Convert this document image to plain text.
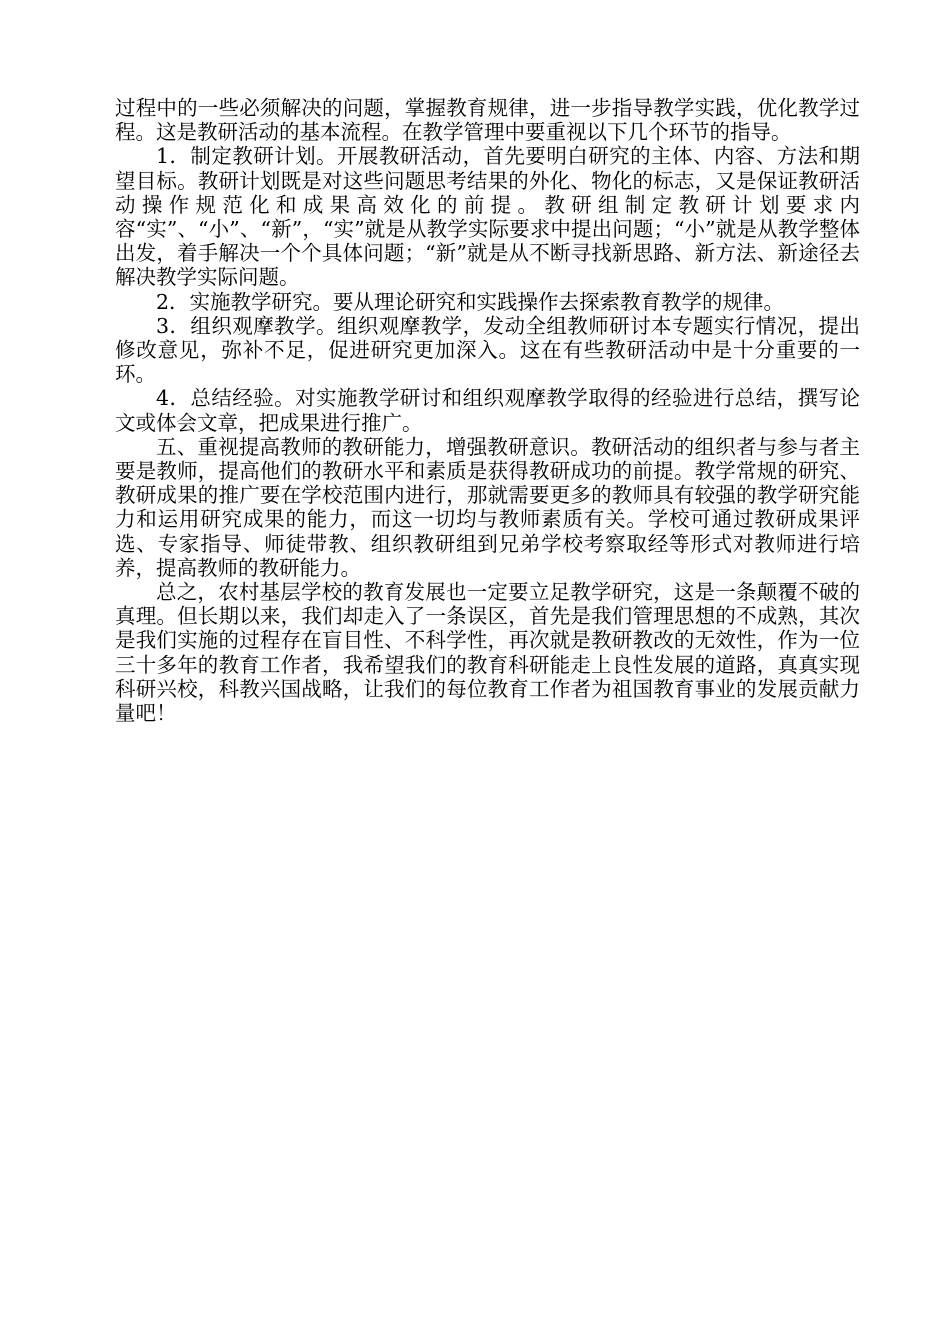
过程中的一些必须解决的问题，掌握教育规律，进一步指导教学实践，优化教学过程。这是教研活动的基本流程。在教学管理中要重视以下几个环节的指导。

1．制定教研计划。开展教研活动，首先要明白研究的主体、内容、方法和期望目标。教研计划既是对这些问题思考结果的外化、物化的标志，又是保证教研活动操作规范化和成果高效化的前提。教研组制定教研计划要求内容“实”、“小”、“新”，“实”就是从教学实际要求中提出问题；“小”就是从教学整体出发，着手解决一个个具体问题；“新”就是从不断寻找新思路、新方法、新途径去解决教学实际问题。

2．实施教学研究。要从理论研究和实践操作去探索教育教学的规律。

3．组织观摩教学。组织观摩教学，发动全组教师研讨本专题实行情况，提出修改意见，弥补不足，促进研究更加深入。这在有些教研活动中是十分重要的一环。

4．总结经验。对实施教学研讨和组织观摩教学取得的经验进行总结，撰写论文或体会文章，把成果进行推广。

五、重视提高教师的教研能力，增强教研意识。教研活动的组织者与参与者主要是教师，提高他们的教研水平和素质是获得教研成功的前提。教学常规的研究、教研成果的推广要在学校范围内进行，那就需要更多的教师具有较强的教学研究能力和运用研究成果的能力，而这一切均与教师素质有关。学校可通过教研成果评选、专家指导、师徒带教、组织教研组到兄弟学校考察取经等形式对教师进行培养，提高教师的教研能力。

总之，农村基层学校的教育发展也一定要立足教学研究，这是一条颠覆不破的真理。但长期以来，我们却走入了一条误区，首先是我们管理思想的不成熟，其次是我们实施的过程存在盲目性、不科学性，再次就是教研教改的无效性，作为一位三十多年的教育工作者，我希望我们的教育科研能走上良性发展的道路，真真实现科研兴校，科教兴国战略，让我们的每位教育工作者为祖国教育事业的发展贡献力量吧！
